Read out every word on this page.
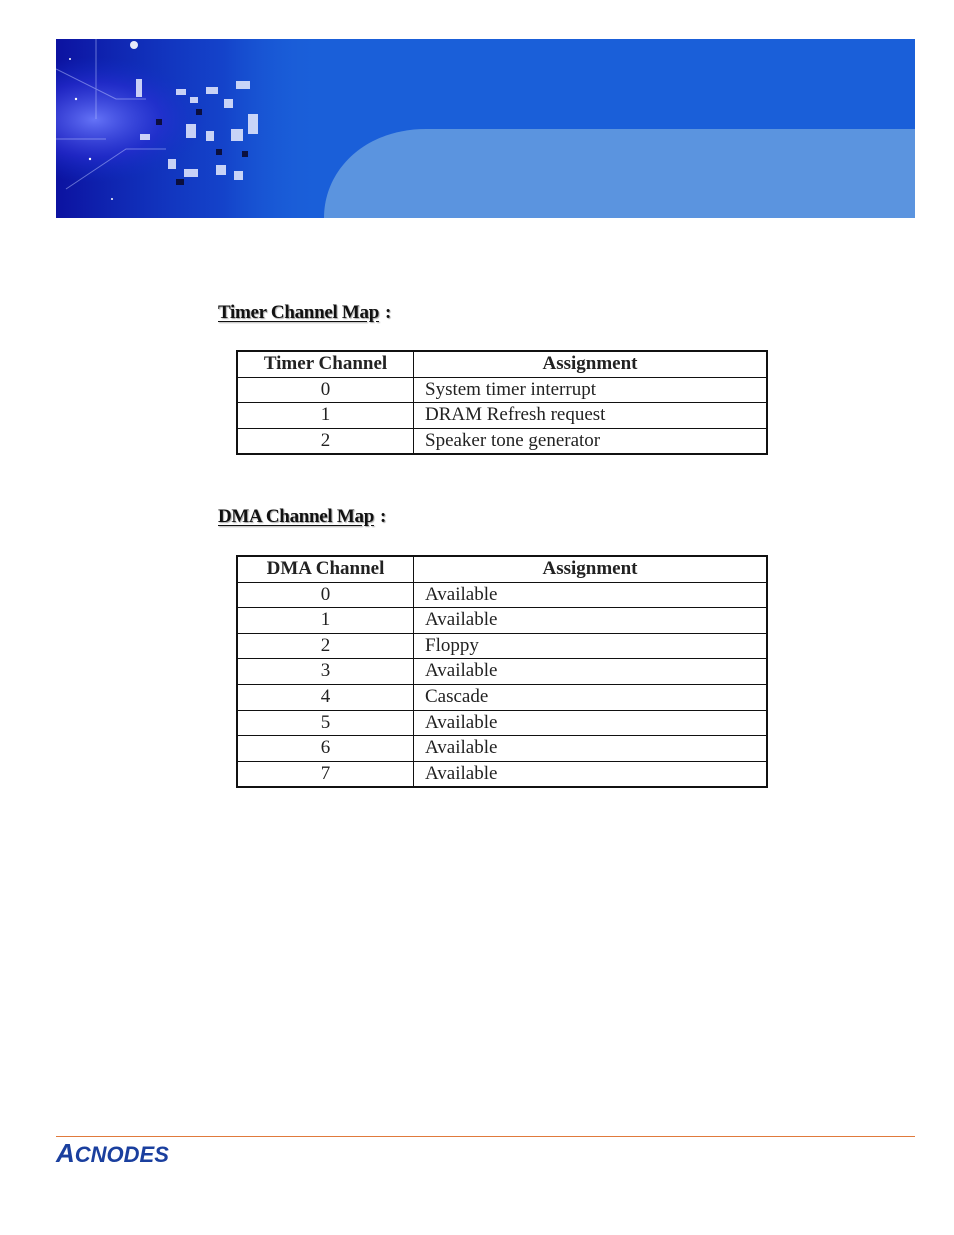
Timer Channel Map :
Timer Channel	Assignment
0	System timer interrupt
1	DRAM Refresh request
2	Speaker tone generator
DMA Channel Map :
DMA Channel	Assignment
0	Available
1	Available
2	Floppy
3	Available
4	Cascade
5	Available
6	Available
7	Available
ACNODES
